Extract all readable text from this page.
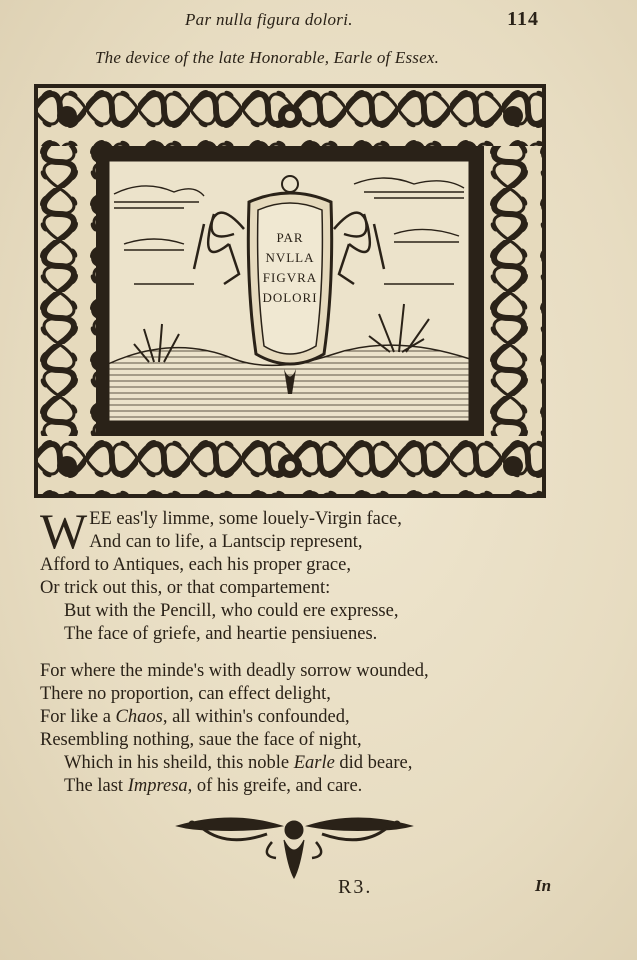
Par nulla figura dolori.	114
The device of the late Honorable, Earle of Essex.
PAR
NVLLA
FIGVRA
DOLORI
W EE eas'ly limme, some louely-Virgin face,
And can to life, a Lantscip represent,
Afford to Antiques, each his proper grace,
Or trick out this, or that compartement:
But with the Pencill, who could ere expresse,
The face of griefe, and heartie pensiuenes.
For where the minde's with deadly sorrow wounded,
There no proportion, can effect delight,
For like a Chaos, all within's confounded,
Resembling nothing, saue the face of night,
Which in his sheild, this noble Earle did beare,
The last Impresa, of his greife, and care.
R3.	In
